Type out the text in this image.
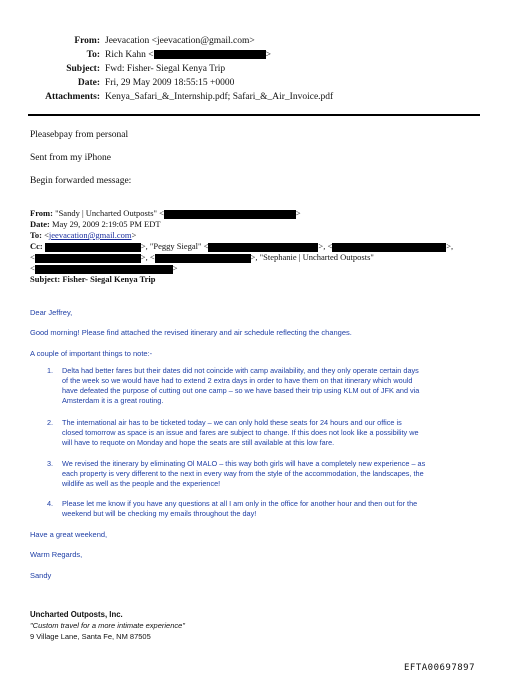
From: Jeevacation <jeevacation@gmail.com>
To: Rich Kahn <	>
Subject: Fwd: Fisher- Siegal Kenya Trip
Date: Fri, 29 May 2009 18:55:15 +0000
Attachments: Kenya_Safari_&_Internship.pdf; Safari_&_Air_Invoice.pdf
Pleasebpay from personal
Sent from my iPhone
Begin forwarded message:
From: "Sandy | Uncharted Outposts" <	>
Date: May 29, 2009 2:19:05 PM EDT
To: <jeevacation@gmail.com>
Cc:	>, "Peggy Siegal" <	>, <	>,
<	>, <	>, "Stephanie | Uncharted Outposts"
<	>
Subject: Fisher- Siegal Kenya Trip
Dear Jeffrey,
Good morning! Please find attached the revised itinerary and air schedule reflecting the changes.
A couple of important things to note:-
1. Delta had better fares but their dates did not coincide with camp availability, and they only operate certain days
of the week so we would have had to extend 2 extra days in order to have them on that itinerary which would
have defeated the purpose of cutting out one camp – so we have based their trip using KLM out of JFK and via
Amsterdam it is a great routing.
2. The international air has to be ticketed today – we can only hold these seats for 24 hours and our office is
closed tomorrow as space is an issue and fares are subject to change. If this does not look like a possibility we
will have to requote on Monday and hope the seats are still available at this low fare.
3. We revised the itinerary by eliminating Ol MALO – this way both girls will have a completely new experience – as
each property is very different to the next in every way from the style of the accommodation, the landscapes, the
wildlife as well as the people and the experience!
4. Please let me know if you have any questions at all I am only in the office for another hour and then out for the
weekend but will be checking my emails throughout the day!
Have a great weekend,
Warm Regards,
Sandy
Uncharted Outposts, Inc.
"Custom travel for a more intimate experience"
9 Village Lane, Santa Fe, NM 87505
EFTA00697897
